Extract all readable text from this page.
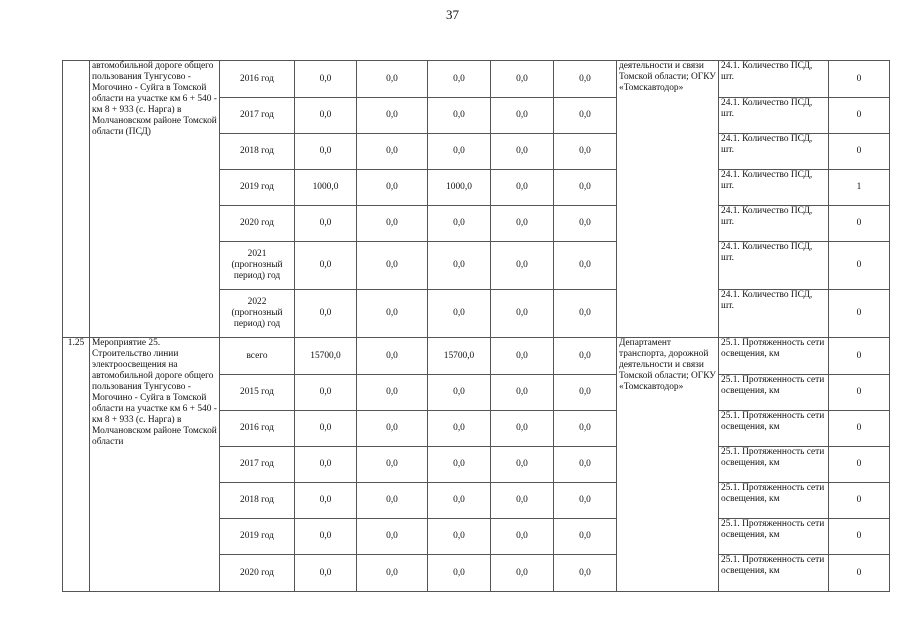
37
	автомобильной дороге общего пользования Тунгусово - Могочино - Суйга в Томской области на участке км 6 + 540 - км 8 + 933 (с. Нарга) в Молчановском районе Томской области (ПСД)	2016 год	0,0	0,0	0,0	0,0	0,0	деятельности и связи Томской области; ОГКУ «Томскавтодор»	24.1. Количество ПСД, шт.	0
		2017 год	0,0	0,0	0,0	0,0	0,0		24.1. Количество ПСД, шт.	0
		2018 год	0,0	0,0	0,0	0,0	0,0		24.1. Количество ПСД, шт.	0
		2019 год	1000,0	0,0	1000,0	0,0	0,0		24.1. Количество ПСД, шт.	1
		2020 год	0,0	0,0	0,0	0,0	0,0		24.1. Количество ПСД, шт.	0
		2021 (прогнозный период) год	0,0	0,0	0,0	0,0	0,0		24.1. Количество ПСД, шт.	0
		2022 (прогнозный период) год	0,0	0,0	0,0	0,0	0,0		24.1. Количество ПСД, шт.	0
1.25	Мероприятие 25. Строительство линии электроосвещения на автомобильной дороге общего пользования Тунгусово - Могочино - Суйга в Томской области на участке км 6 + 540 - км 8 + 933 (с. Нарга) в Молчановском районе Томской области	всего	15700,0	0,0	15700,0	0,0	0,0	Департамент транспорта, дорожной деятельности и связи Томской области; ОГКУ «Томскавтодор»	25.1. Протяженность сети освещения, км	0
		2015 год	0,0	0,0	0,0	0,0	0,0		25.1. Протяженность сети освещения, км	0
		2016 год	0,0	0,0	0,0	0,0	0,0		25.1. Протяженность сети освещения, км	0
		2017 год	0,0	0,0	0,0	0,0	0,0		25.1. Протяженность сети освещения, км	0
		2018 год	0,0	0,0	0,0	0,0	0,0		25.1. Протяженность сети освещения, км	0
		2019 год	0,0	0,0	0,0	0,0	0,0		25.1. Протяженность сети освещения, км	0
		2020 год	0,0	0,0	0,0	0,0	0,0		25.1. Протяженность сети освещения, км	0
